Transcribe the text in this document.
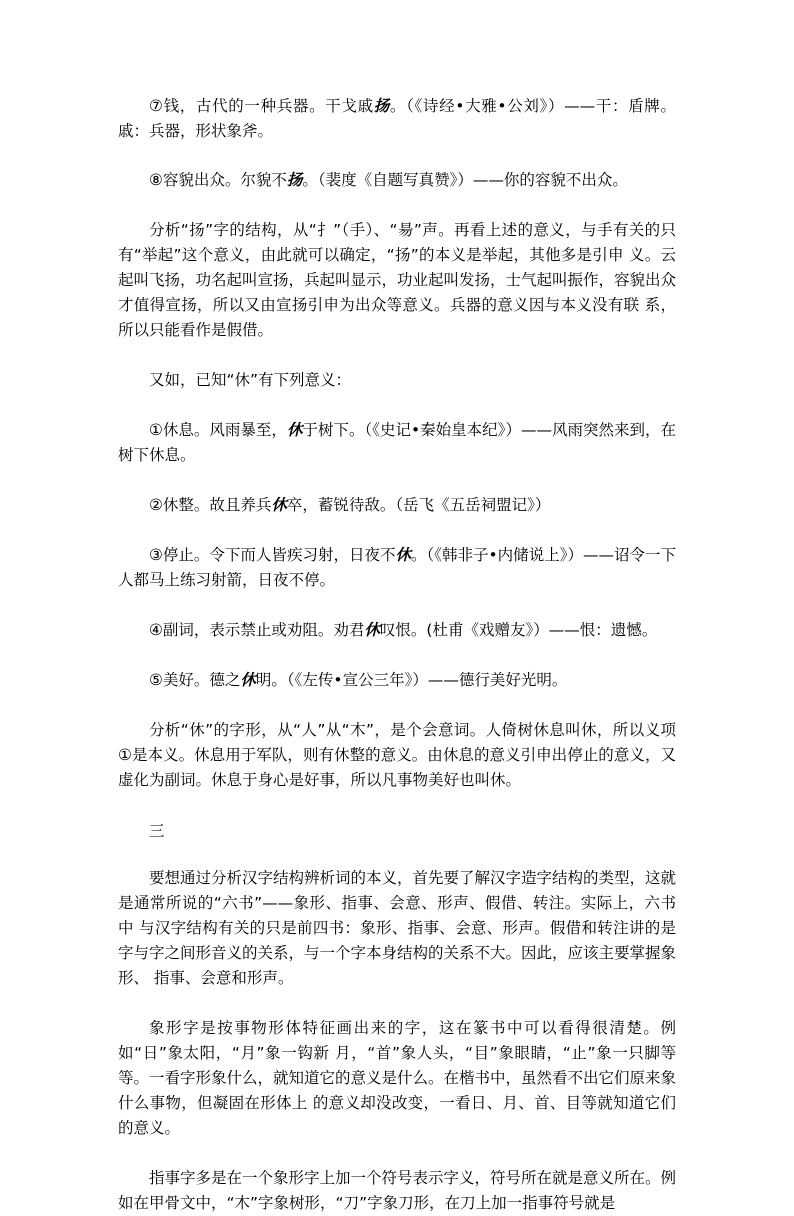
⑦钱，古代的一种兵器。干戈戚扬。（《诗经•大雅•公刘》）——干：盾牌。戚：兵器，形状象斧。

⑧容貌出众。尔貌不扬。（裴度《自题写真赞》）——你的容貌不出众。

分析“扬”字的结构，从“扌”（手）、“昜”声。再看上述的意义，与手有关的只有“举起”这个意义，由此就可以确定，“扬”的本义是举起，其他多是引申 义。云起叫飞扬，功名起叫宣扬，兵起叫显示，功业起叫发扬，士气起叫振作，容貌出众才值得宣扬，所以又由宣扬引申为出众等意义。兵器的意义因与本义没有联 系，所以只能看作是假借。

又如，已知“休”有下列意义：

①休息。风雨暴至，休于树下。（《史记•秦始皇本纪》）——风雨突然来到，在树下休息。

②休整。故且养兵休卒，蓄锐待敌。（岳飞《五岳祠盟记》）

③停止。令下而人皆疾习射，日夜不休。（《韩非子•内储说上》）——诏令一下人都马上练习射箭，日夜不停。

④副词，表示禁止或劝阻。劝君休叹恨。(杜甫《戏赠友》）——恨：遗憾。

⑤美好。德之休明。（《左传•宣公三年》）——德行美好光明。

分析“休”的字形，从“人”从“木”，是个会意词。人倚树休息叫休，所以义项①是本义。休息用于军队，则有休整的意义。由休息的意义引申出停止的意义，又虚化为副词。休息于身心是好事，所以凡事物美好也叫休。

三

要想通过分析汉字结构辨析词的本义，首先要了解汉字造字结构的类型，这就是通常所说的“六书”——象形、指事、会意、形声、假借、转注。实际上，六书中 与汉字结构有关的只是前四书：象形、指事、会意、形声。假借和转注讲的是字与字之间形音义的关系，与一个字本身结构的关系不大。因此，应该主要掌握象形、 指事、会意和形声。

象形字是按事物形体特征画出来的字，这在篆书中可以看得很清楚。例如“日”象太阳，“月”象一钩新 月，“首”象人头，“目”象眼睛，“止”象一只脚等等。一看字形象什么，就知道它的意义是什么。在楷书中，虽然看不出它们原来象什么事物，但凝固在形体上 的意义却没改变，一看日、月、首、目等就知道它们的意义。

指事字多是在一个象形字上加一个符号表示字义，符号所在就是意义所在。例如在甲骨文中，“木”字象树形，“刀”字象刀形，在刀上加一指事符号就是
